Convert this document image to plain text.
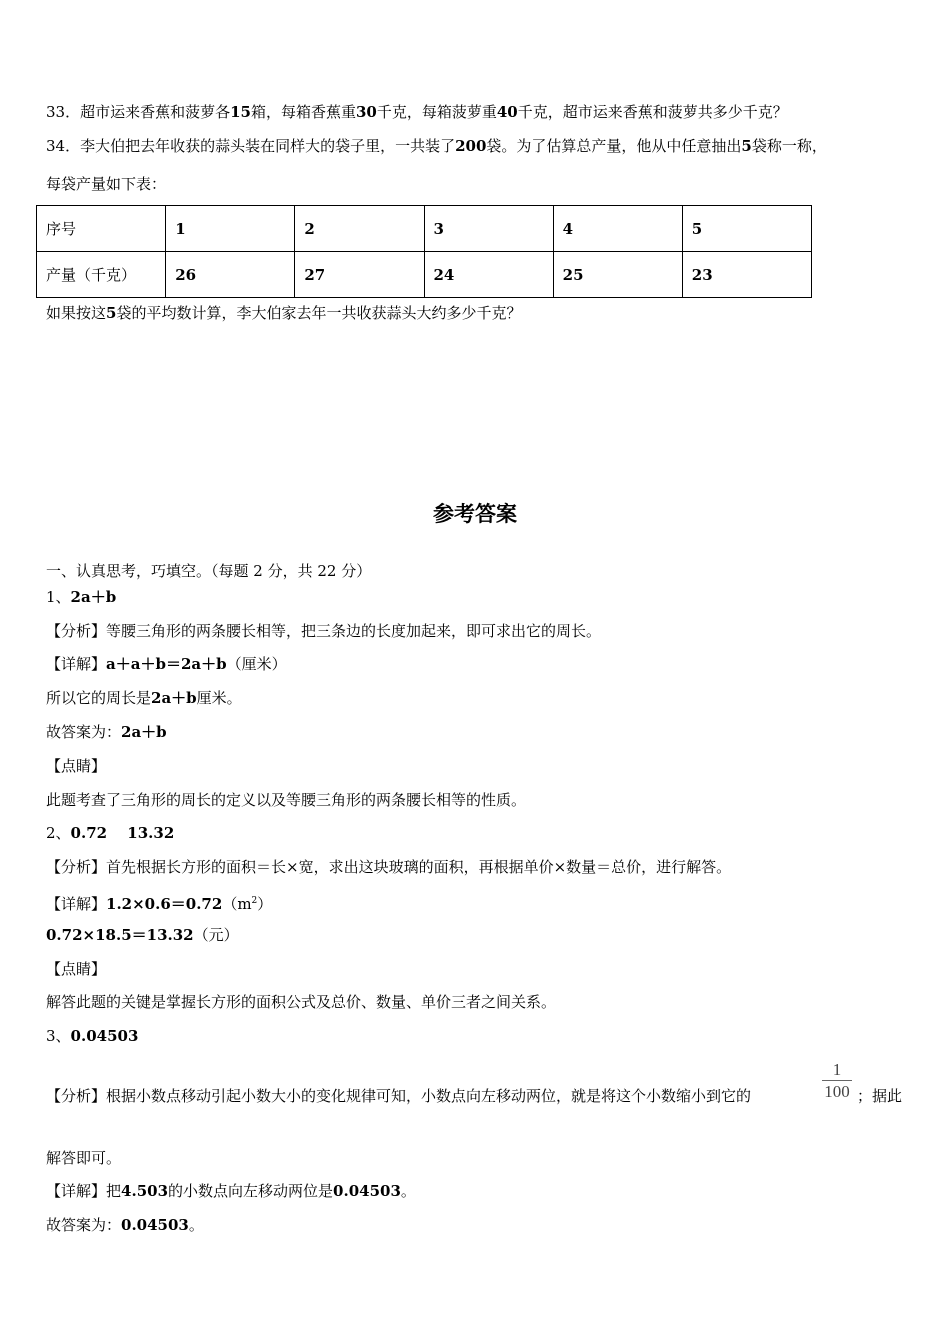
33．超市运来香蕉和菠萝各15箱，每箱香蕉重30千克，每箱菠萝重40千克，超市运来香蕉和菠萝共多少千克？
34．李大伯把去年收获的蒜头装在同样大的袋子里，一共装了200袋。为了估算总产量，他从中任意抽出5袋称一称，
每袋产量如下表：
序号	1	2	3	4	5
产量（千克）	26	27	24	25	23
如果按这5袋的平均数计算，李大伯家去年一共收获蒜头大约多少千克？
参考答案
一、认真思考，巧填空。（每题 2 分，共 22 分）
1、2a＋b
【分析】等腰三角形的两条腰长相等，把三条边的长度加起来，即可求出它的周长。
【详解】a＋a＋b＝2a＋b（厘米）
所以它的周长是2a＋b厘米。
故答案为：2a＋b
【点睛】
此题考查了三角形的周长的定义以及等腰三角形的两条腰长相等的性质。
2、0.72　 13.32
【分析】首先根据长方形的面积＝长×宽，求出这块玻璃的面积，再根据单价×数量＝总价，进行解答。
【详解】$1.2\times 0.6=0.72(m^2)$
0.72×18.5＝13.32（元）
【点睛】
解答此题的关键是掌握长方形的面积公式及总价、数量、单价三者之间关系。
3、0.04503
【分析】根据小数点移动引起小数大小的变化规律可知，小数点向左移动两位，就是将这个小数缩小到它的
1
100 ；据此
解答即可。
【详解】把4.503的小数点向左移动两位是0.04503。
故答案为：0.04503。
